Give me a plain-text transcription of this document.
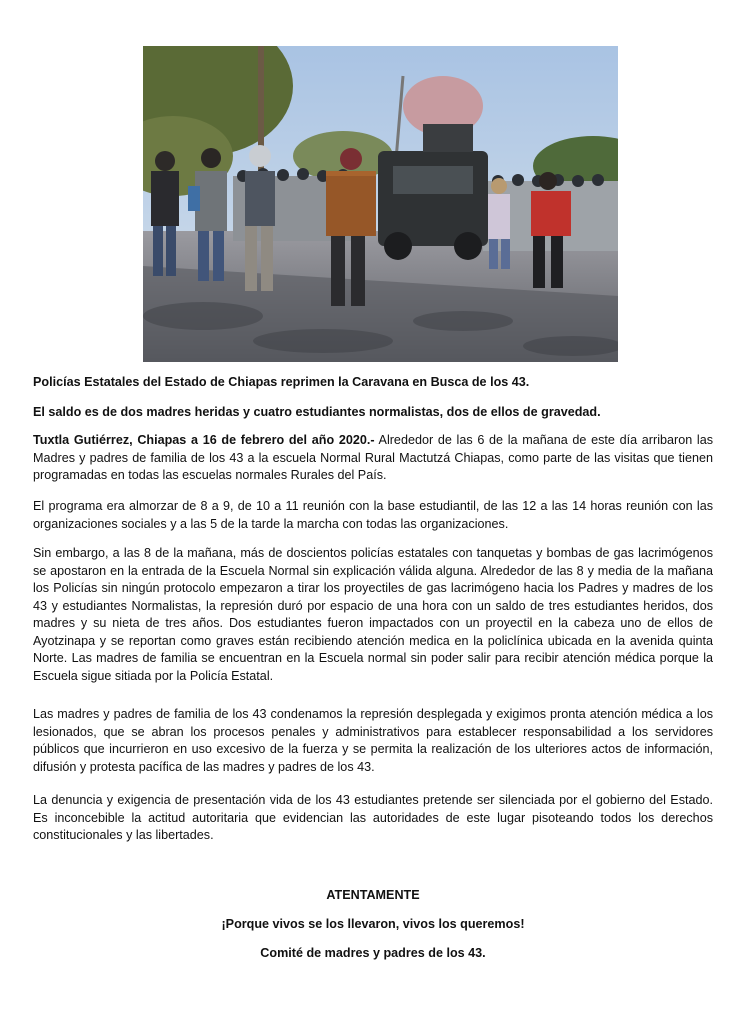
Policías Estatales del Estado de Chiapas reprimen la Caravana en Busca de los 43.
El saldo es de dos madres heridas y cuatro estudiantes normalistas, dos de ellos de gravedad.

Tuxtla Gutiérrez, Chiapas a 16 de febrero del año 2020.- Alrededor de las 6 de la mañana de este día arribaron las Madres y padres de familia de los 43 a la escuela Normal Rural Mactutzá Chiapas, como parte de las visitas que tienen programadas en todas las escuelas normales Rurales del País.

El programa era almorzar de 8 a 9, de 10 a 11 reunión con la base estudiantil, de las 12 a las 14 horas reunión con las organizaciones sociales y a las 5 de la tarde la marcha con todas las organizaciones.
Sin embargo, a las 8 de la mañana, más de doscientos policías estatales con tanquetas y bombas de gas lacrimógenos se apostaron en la entrada de la Escuela Normal sin explicación válida alguna. Alrededor de las 8 y media de la mañana los Policías sin ningún protocolo empezaron a tirar los proyectiles de gas lacrimógeno hacia los Padres y madres de los 43 y estudiantes Normalistas, la represión duró por espacio de una hora con un saldo de tres estudiantes heridos, dos madres y su nieta de tres años. Dos estudiantes fueron impactados con un proyectil en la cabeza uno de ellos de Ayotzinapa y se reportan como graves están recibiendo atención medica en la policlínica ubicada en la avenida quinta Norte. Las madres de familia se encuentran en la Escuela normal sin poder salir para recibir atención médica porque la Escuela sigue sitiada por la Policía Estatal.
Las madres y padres de familia de los 43 condenamos la represión desplegada y exigimos pronta atención médica a los lesionados, que se abran los procesos penales y administrativos para establecer responsabilidad a los servidores públicos que incurrieron en uso excesivo de la fuerza y se permita la realización de los ulteriores actos de información, difusión y protesta pacífica de las madres y padres de los 43.
La denuncia y exigencia de presentación vida de los 43 estudiantes pretende ser silenciada por el gobierno del Estado. Es inconcebible la actitud autoritaria que evidencian las autoridades de este lugar pisoteando todos los derechos constitucionales y las libertades.
ATENTAMENTE
¡Porque vivos se los llevaron, vivos los queremos!
Comité de madres y padres de los 43.
